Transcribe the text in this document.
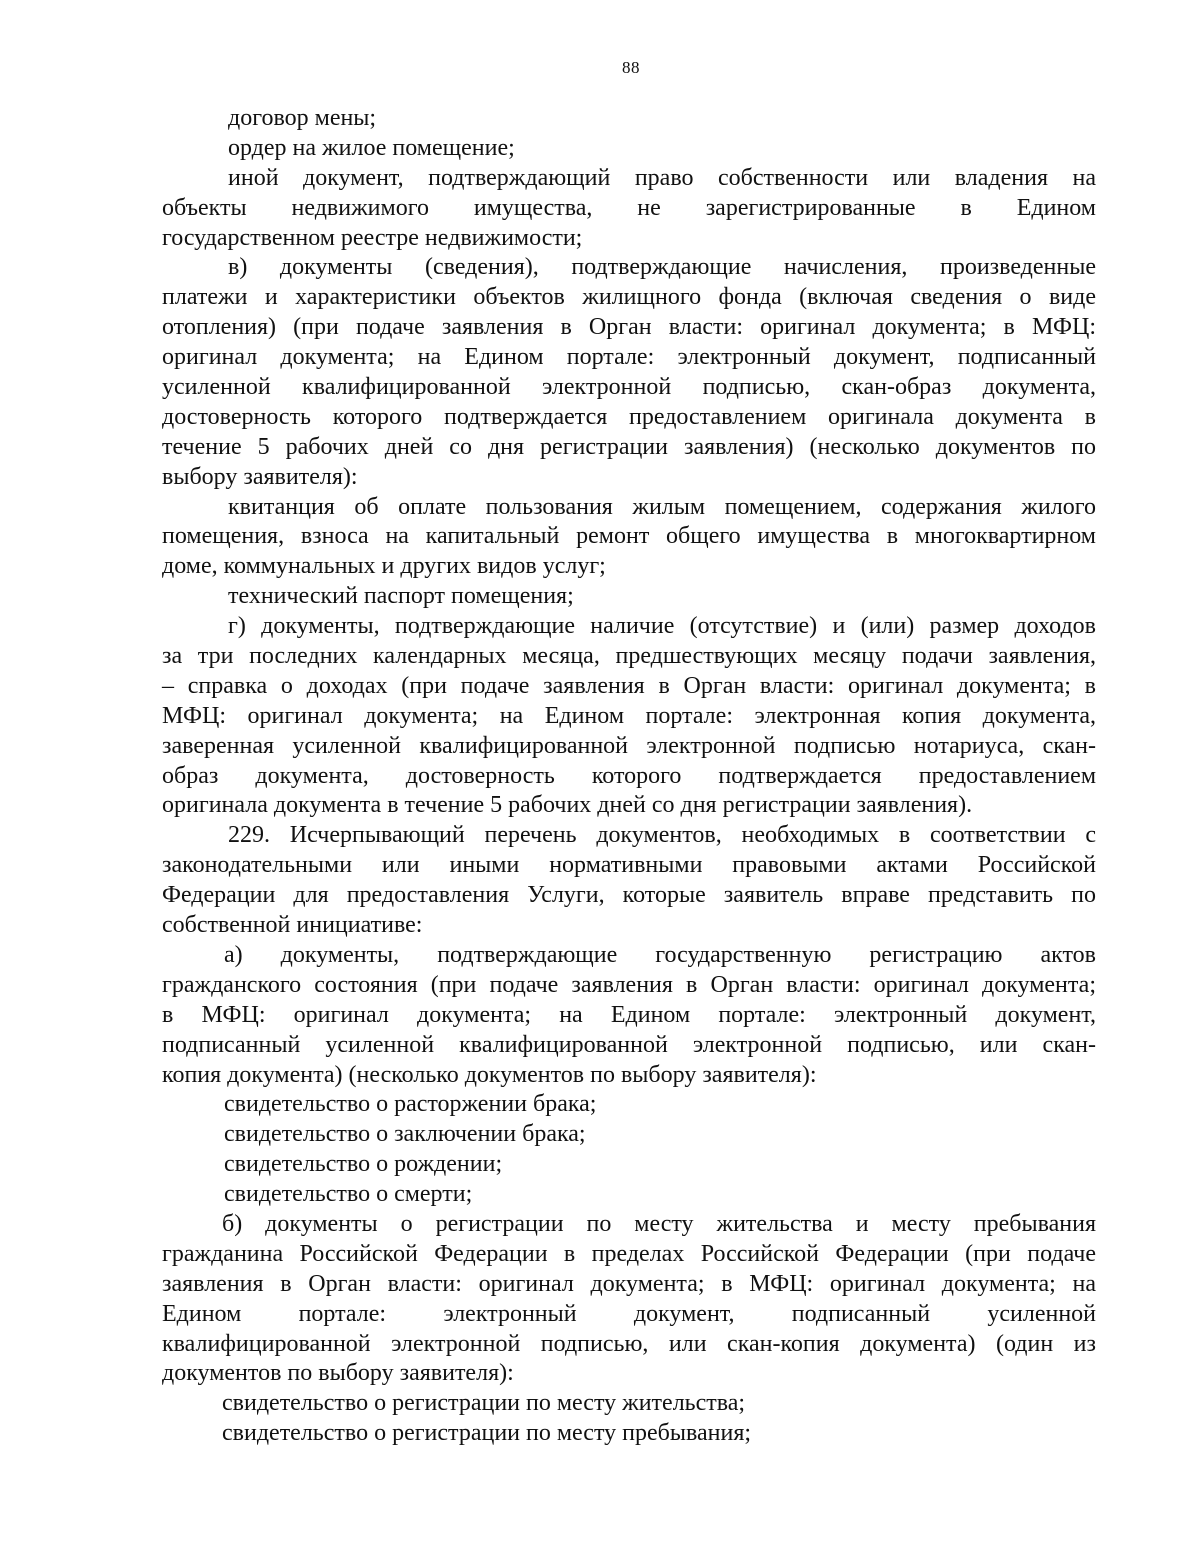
88
договор мены;
ордер на жилое помещение;
иной документ, подтверждающий право собственности или владения на
объекты недвижимого имущества, не зарегистрированные в Едином
государственном реестре недвижимости;
в) документы (сведения), подтверждающие начисления, произведенные
платежи и характеристики объектов жилищного фонда (включая сведения о виде
отопления) (при подаче заявления в Орган власти: оригинал документа; в МФЦ:
оригинал документа; на Едином портале: электронный документ, подписанный
усиленной квалифицированной электронной подписью, скан-образ документа,
достоверность которого подтверждается предоставлением оригинала документа в
течение 5 рабочих дней со дня регистрации заявления) (несколько документов по
выбору заявителя):
квитанция об оплате пользования жилым помещением, содержания жилого
помещения, взноса на капитальный ремонт общего имущества в многоквартирном
доме, коммунальных и других видов услуг;
технический паспорт помещения;
г) документы, подтверждающие наличие (отсутствие) и (или) размер доходов
за три последних календарных месяца, предшествующих месяцу подачи заявления,
– справка о доходах (при подаче заявления в Орган власти: оригинал документа; в
МФЦ: оригинал документа; на Едином портале: электронная копия документа,
заверенная усиленной квалифицированной электронной подписью нотариуса, скан-
образ документа, достоверность которого подтверждается предоставлением
оригинала документа в течение 5 рабочих дней со дня регистрации заявления).
229. Исчерпывающий перечень документов, необходимых в соответствии с
законодательными или иными нормативными правовыми актами Российской
Федерации для предоставления Услуги, которые заявитель вправе представить по
собственной инициативе:
а) документы, подтверждающие государственную регистрацию актов
гражданского состояния (при подаче заявления в Орган власти: оригинал документа;
в МФЦ: оригинал документа; на Едином портале: электронный документ,
подписанный усиленной квалифицированной электронной подписью, или скан-
копия документа) (несколько документов по выбору заявителя):
свидетельство о расторжении брака;
свидетельство о заключении брака;
свидетельство о рождении;
свидетельство о смерти;
б) документы о регистрации по месту жительства и месту пребывания
гражданина Российской Федерации в пределах Российской Федерации (при подаче
заявления в Орган власти: оригинал документа; в МФЦ: оригинал документа; на
Едином портале: электронный документ, подписанный усиленной
квалифицированной электронной подписью, или скан-копия документа) (один из
документов по выбору заявителя):
свидетельство о регистрации по месту жительства;
свидетельство о регистрации по месту пребывания;
